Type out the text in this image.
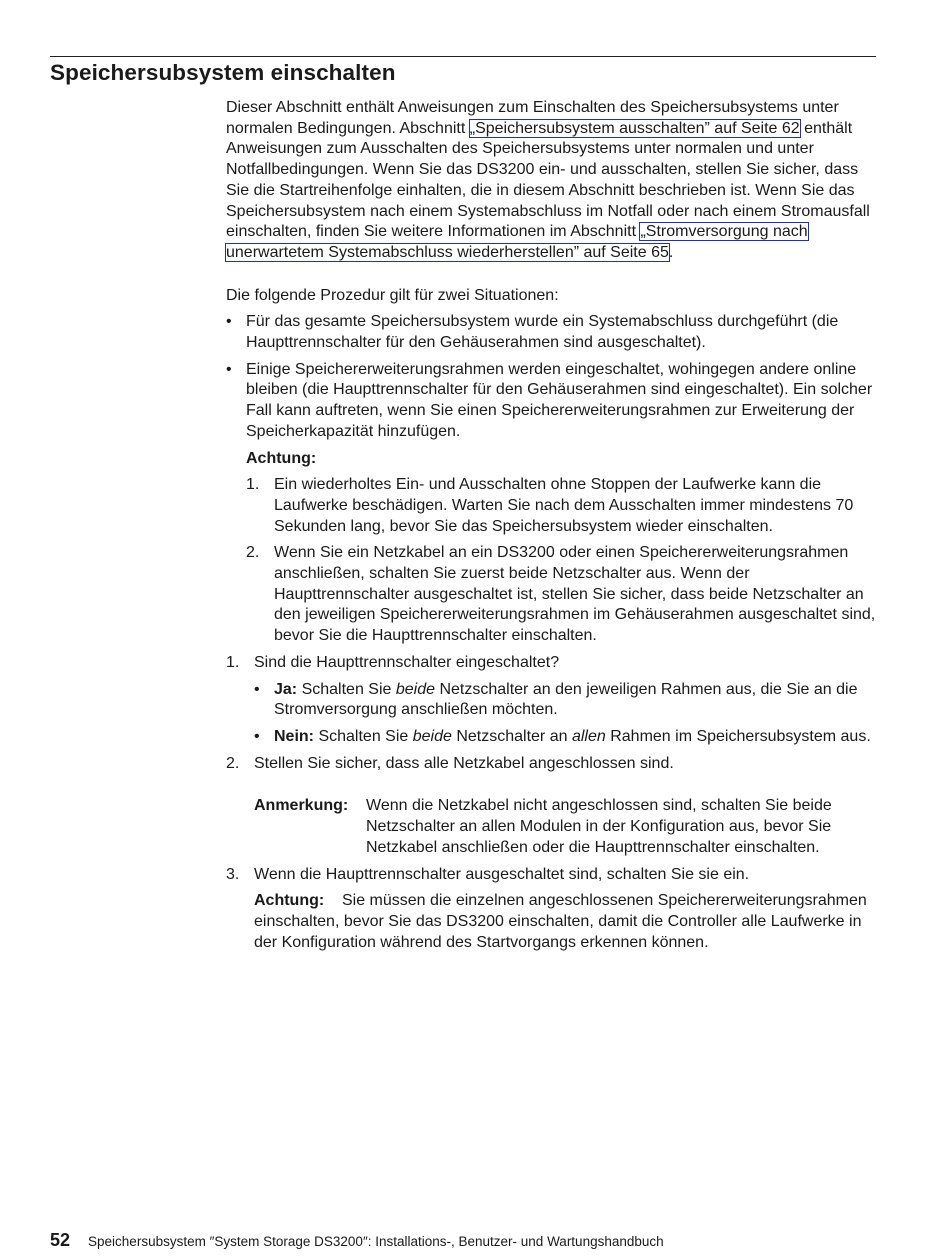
Speichersubsystem einschalten

Dieser Abschnitt enthält Anweisungen zum Einschalten des Speichersubsystems unter normalen Bedingungen. Abschnitt „Speichersubsystem ausschalten” auf Seite 62 enthält Anweisungen zum Ausschalten des Speichersubsystems unter normalen und unter Notfallbedingungen. Wenn Sie das DS3200 ein- und ausschalten, stellen Sie sicher, dass Sie die Startreihenfolge einhalten, die in diesem Abschnitt beschrieben ist. Wenn Sie das Speichersubsystem nach einem Systemabschluss im Notfall oder nach einem Stromausfall einschalten, finden Sie weitere Informationen im Abschnitt „Stromversorgung nach unerwartetem Systemabschluss wiederherstellen” auf Seite 65.

Die folgende Prozedur gilt für zwei Situationen:

• Für das gesamte Speichersubsystem wurde ein Systemabschluss durchgeführt (die Haupttrennschalter für den Gehäuserahmen sind ausgeschaltet).
• Einige Speichererweiterungsrahmen werden eingeschaltet, wohingegen andere online bleiben (die Haupttrennschalter für den Gehäuserahmen sind eingeschaltet). Ein solcher Fall kann auftreten, wenn Sie einen Speichererweiterungsrahmen zur Erweiterung der Speicherkapazität hinzufügen.

Achtung:

1. Ein wiederholtes Ein- und Ausschalten ohne Stoppen der Laufwerke kann die Laufwerke beschädigen. Warten Sie nach dem Ausschalten immer mindestens 70 Sekunden lang, bevor Sie das Speichersubsystem wieder einschalten.
2. Wenn Sie ein Netzkabel an ein DS3200 oder einen Speichererweiterungsrahmen anschließen, schalten Sie zuerst beide Netzschalter aus. Wenn der Haupttrennschalter ausgeschaltet ist, stellen Sie sicher, dass beide Netzschalter an den jeweiligen Speichererweiterungsrahmen im Gehäuserahmen ausgeschaltet sind, bevor Sie die Haupttrennschalter einschalten.
1. Sind die Haupttrennschalter eingeschaltet?

• Ja: Schalten Sie beide Netzschalter an den jeweiligen Rahmen aus, die Sie an die Stromversorgung anschließen möchten.
• Nein: Schalten Sie beide Netzschalter an allen Rahmen im Speichersubsystem aus.
2. Stellen Sie sicher, dass alle Netzkabel angeschlossen sind.

Anmerkung:	Wenn die Netzkabel nicht angeschlossen sind, schalten Sie beide Netzschalter an allen Modulen in der Konfiguration aus, bevor Sie Netzkabel anschließen oder die Haupttrennschalter einschalten.
3. Wenn die Haupttrennschalter ausgeschaltet sind, schalten Sie sie ein.

Achtung: Sie müssen die einzelnen angeschlossenen Speichererweiterungsrahmen einschalten, bevor Sie das DS3200 einschalten, damit die Controller alle Laufwerke in der Konfiguration während des Startvorgangs erkennen können.

52 Speichersubsystem ″System Storage DS3200″: Installations-, Benutzer- und Wartungshandbuch
